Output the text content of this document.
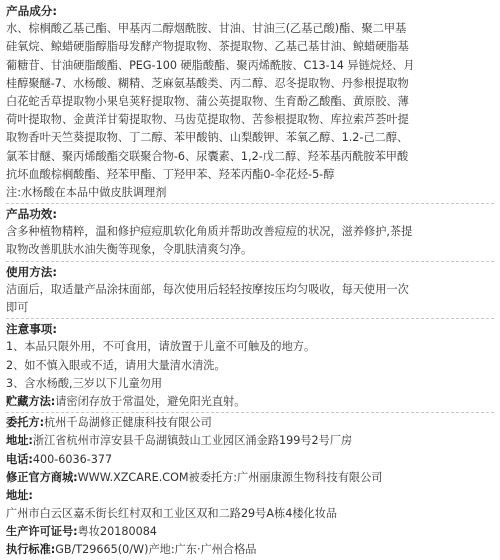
产品成分:
水、棕榈酸乙基己酯、甲基丙二醇烟酰胺、甘油、甘油三(乙基己酸)酯、聚二甲基
硅氧烷、鲸蜡硬脂醇脂母发酵产物提取物、茶提取物、乙基己基甘油、鲸蜡硬脂基
葡糖苷、甘油硬脂酸酯、PEG-100 硬脂酸酯、聚丙烯酰胺、C13-14 异链烷烃、月
桂醇聚醚-7、水杨酸、糊精、芝麻氨基酸类、丙二醇、忍冬提取物、丹参根提取物
白花蛇舌草提取物小果皂荚籽提取物、蒲公英提取物、生育酚乙酸酯、黄原胶、薄
荷叶提取物、金黄洋甘菊提取物、马齿苋提取物、苦参根提取物、库拉索芦荟叶提
取物香叶天竺葵提取物、丁二醇、苯甲酸钠、山梨酸钾、苯氧乙醇、1.2-己二醇、
氯苯甘醚、聚丙烯酸酯交联聚合物-6、尿囊素、1,2-戊二醇、羟苯基丙酰胺苯甲酸
抗坏血酸棕榈酸酯、羟苯甲酯、丁羟甲苯、羟苯丙酯0-伞花烃-5-醇
注:水杨酸在本品中做皮肤调理剂
产品功效:
含多种植物精粹，温和修护痘痘肌软化角质并帮助改善痘痘的状况，滋养修护,茶提
取物改善肌肤水油失衡等现象，令肌肤清爽匀净。
使用方法:
洁面后，取适量产品涂抹面部，每次使用后轻轻按摩按压均匀吸收，每天使用一次
即可
注意事项:
1、本品只限外用，不可食用，请放置于儿童不可触及的地方。
2、如不慎入眼或不适，请用大量清水清洗。
3、含水杨酸,三岁以下儿童勿用
贮藏方法:请密闭存放于常温处，避免阳光直射。
委托方:杭州千岛湖修正健康科技有限公司
地址:浙江省杭州市淳安县千岛湖镇鼓山工业园区涌金路199号2号厂房
电话:400-6036-377
修正官方商城:WWW.XZCARE.COM被委托方:广州丽康源生物科技有限公司
地址:
广州市白云区嘉禾街长红村双和工业区双和二路29号A栋4楼化妆品
生产许可证号:粤妆20180084
执行标准:GB/T29665(0/W)产地:广东·广州合格品
